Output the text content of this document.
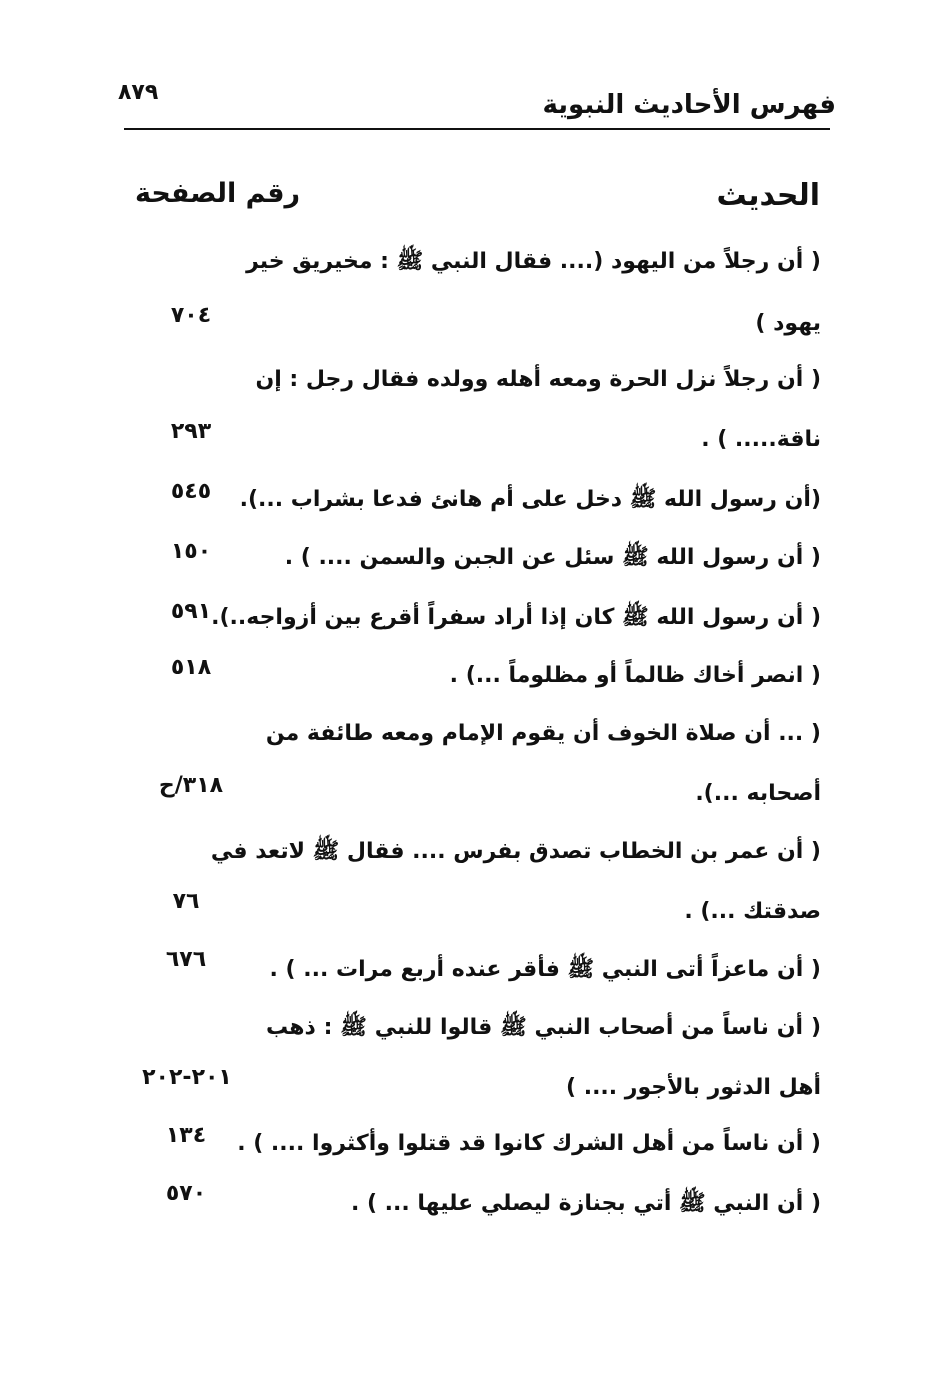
٨٧٩	فهرس الأحاديث النبوية
الحديث
رقم الصفحة
( أن رجلاً من اليهود (.... فقال النبي ﷺ : مخيريق خير
يهود )
٧٠٤
( أن رجلاً نزل الحرة ومعه أهله وولده فقال رجل : إن
ناقة..... ) .
٢٩٣
(أن رسول الله ﷺ دخل على أم هانئ فدعا بشراب ...).
٥٤٥
( أن رسول الله ﷺ سئل عن الجبن والسمن .... ) .
١٥٠
( أن رسول الله ﷺ كان إذا أراد سفراً أقرع بين أزواجه..).
٥٩١
( انصر أخاك ظالماً أو مظلوماً ...) .
٥١٨
( ... أن صلاة الخوف أن يقوم الإمام ومعه طائفة من
أصحابه ...).
٣١٨/ح
( أن عمر بن الخطاب تصدق بفرس .... فقال ﷺ لاتعد في
صدقتك ...) .
٧٦
( أن ماعزاً أتى النبي ﷺ فأقر عنده أربع مرات ... ) .
٦٧٦
( أن ناساً من أصحاب النبي ﷺ قالوا للنبي ﷺ : ذهب
أهل الدثور بالأجور .... )
٢٠١-٢٠٢
( أن ناساً من أهل الشرك كانوا قد قتلوا وأكثروا .... ) .
١٣٤
( أن النبي ﷺ أتي بجنازة ليصلي عليها ... ) .
٥٧٠
